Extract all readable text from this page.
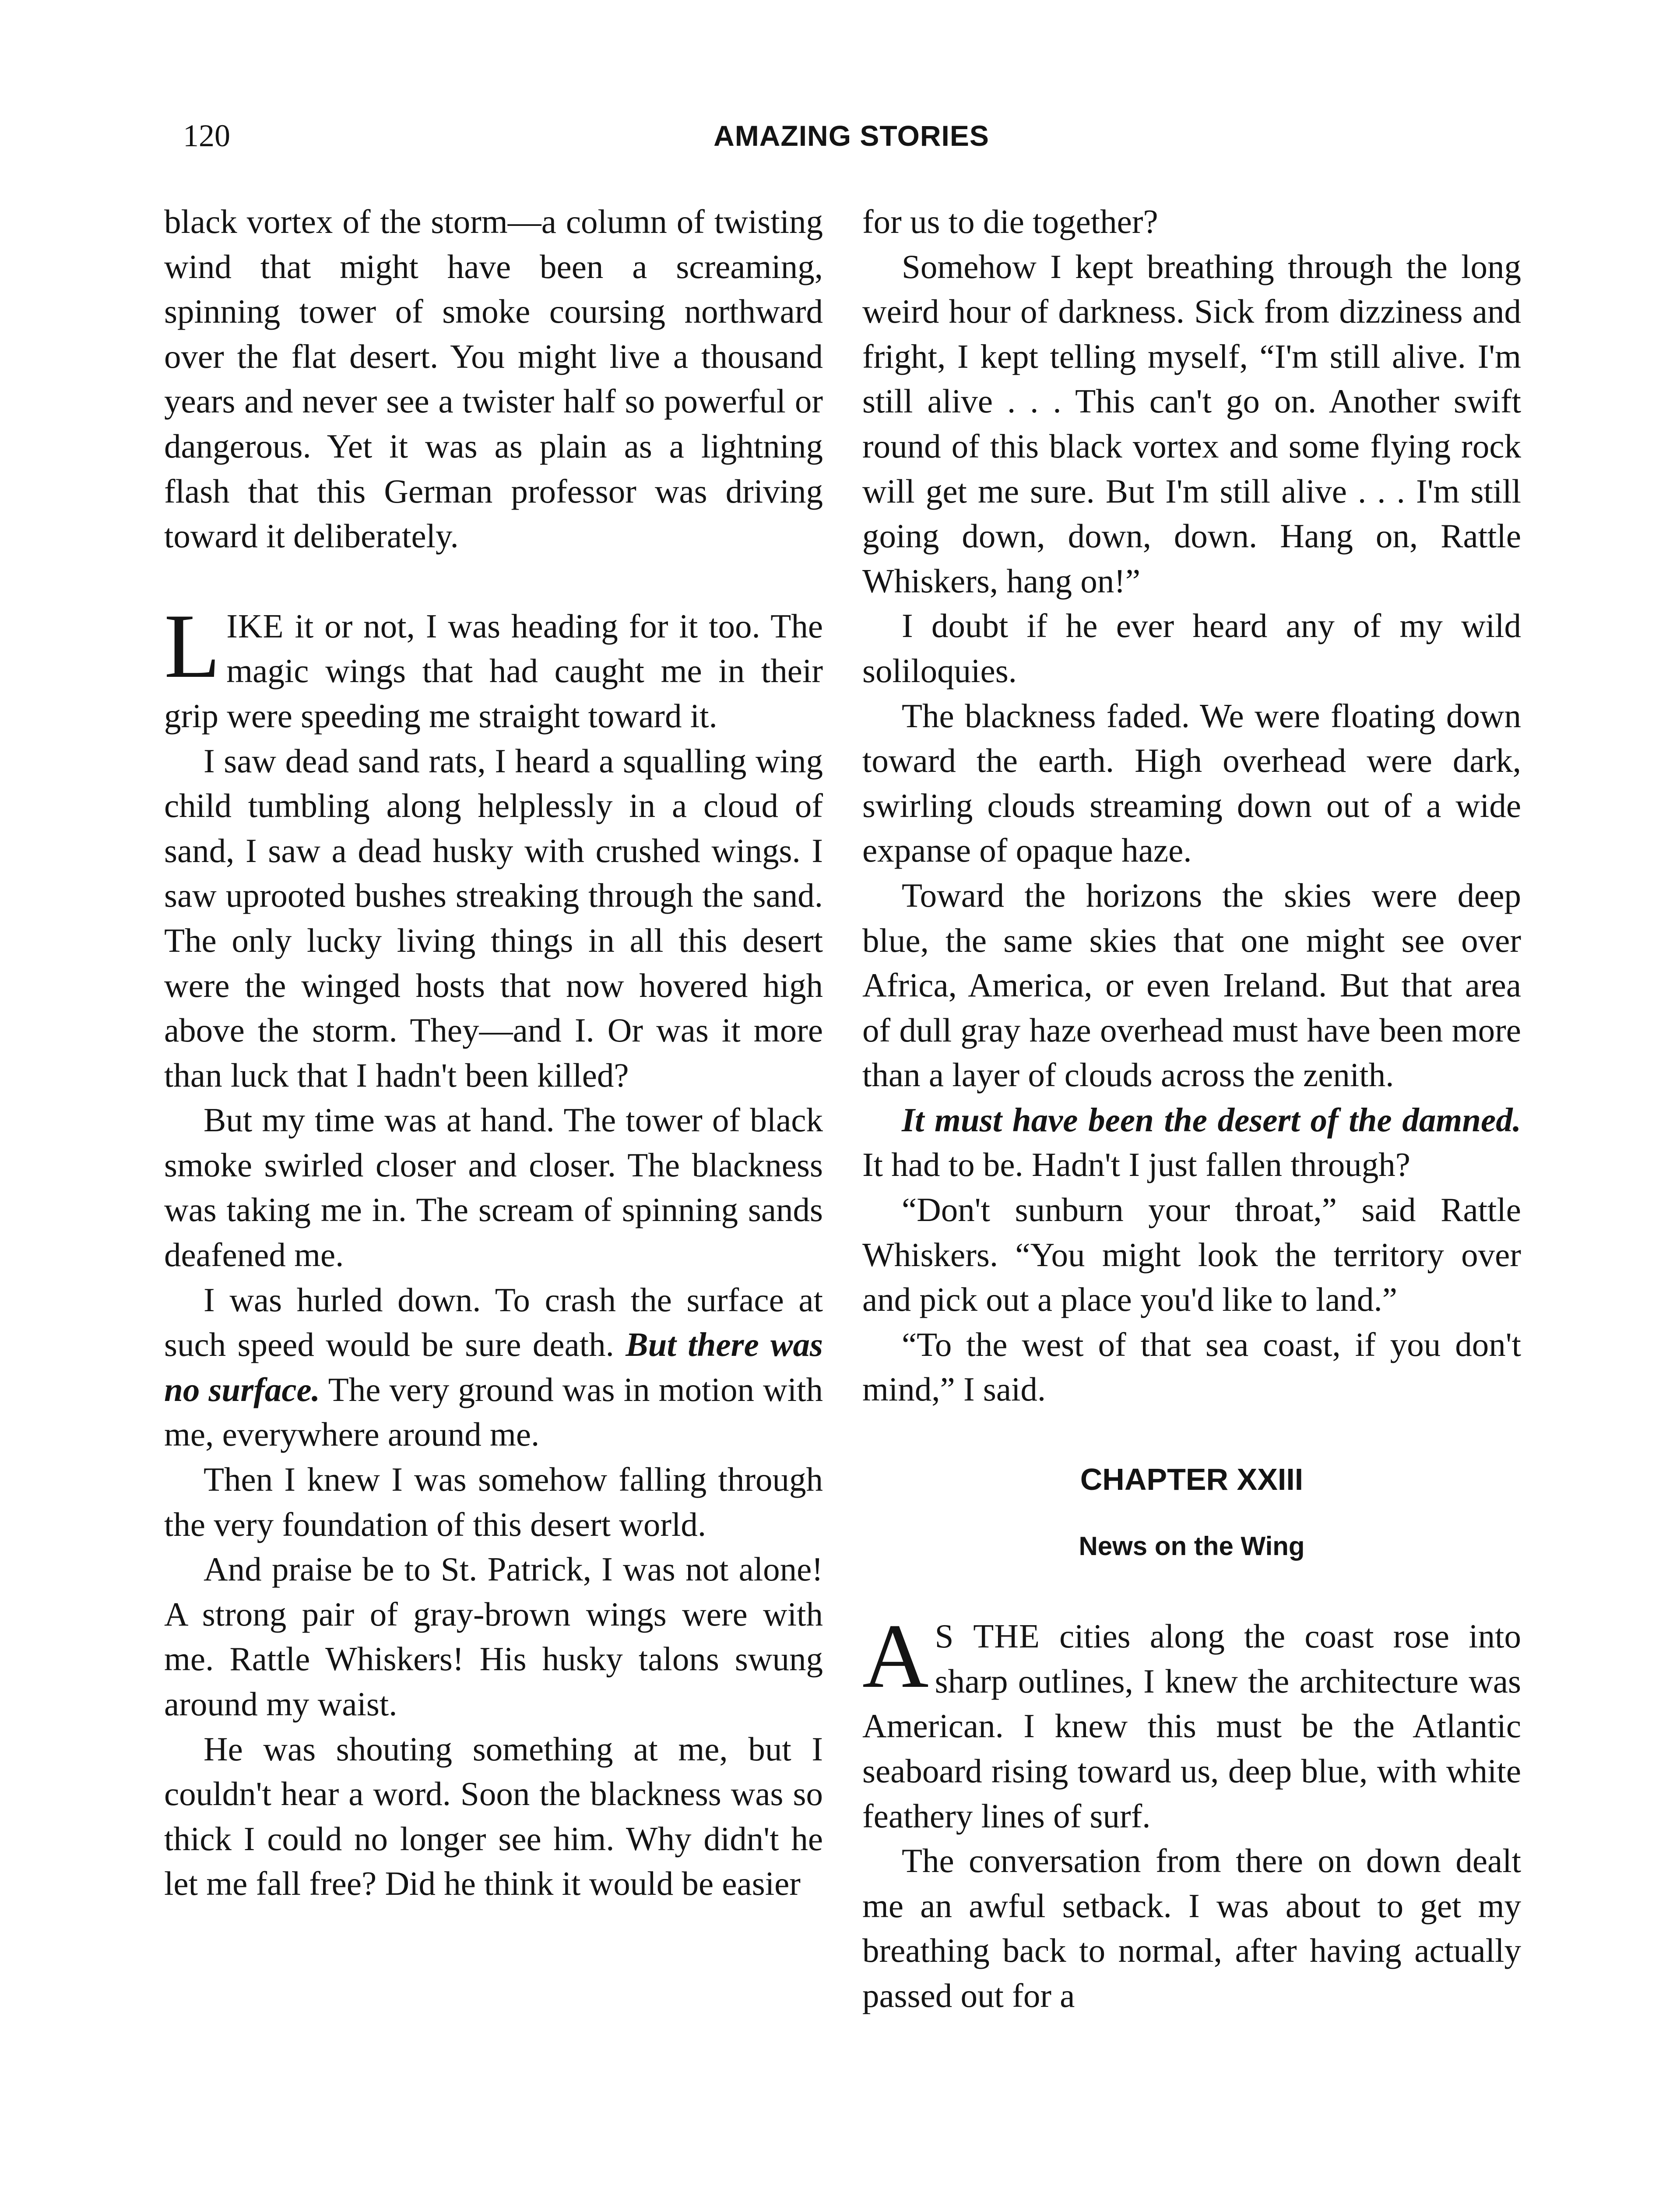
120	AMAZING STORIES

black vortex of the storm—a column of twisting wind that might have been a screaming, spinning tower of smoke coursing northward over the flat desert. You might live a thousand years and never see a twister half so powerful or dangerous. Yet it was as plain as a lightning flash that this German professor was driving toward it deliberately.

LIKE it or not, I was heading for it too. The magic wings that had caught me in their grip were speeding me straight toward it.

I saw dead sand rats, I heard a squalling wing child tumbling along helplessly in a cloud of sand, I saw a dead husky with crushed wings. I saw uprooted bushes streaking through the sand. The only lucky living things in all this desert were the winged hosts that now hovered high above the storm. They—and I. Or was it more than luck that I hadn't been killed?

But my time was at hand. The tower of black smoke swirled closer and closer. The blackness was taking me in. The scream of spinning sands deafened me.

I was hurled down. To crash the surface at such speed would be sure death. But there was no surface. The very ground was in motion with me, everywhere around me.

Then I knew I was somehow falling through the very foundation of this desert world.

And praise be to St. Patrick, I was not alone! A strong pair of gray-brown wings were with me. Rattle Whiskers! His husky talons swung around my waist.

He was shouting something at me, but I couldn't hear a word. Soon the blackness was so thick I could no longer see him. Why didn't he let me fall free? Did he think it would be easier

for us to die together?

Somehow I kept breathing through the long weird hour of darkness. Sick from dizziness and fright, I kept telling myself, “I'm still alive. I'm still alive . . . This can't go on. Another swift round of this black vortex and some flying rock will get me sure. But I'm still alive . . . I'm still going down, down, down. Hang on, Rattle Whiskers, hang on!”

I doubt if he ever heard any of my wild soliloquies.

The blackness faded. We were floating down toward the earth. High overhead were dark, swirling clouds streaming down out of a wide expanse of opaque haze.

Toward the horizons the skies were deep blue, the same skies that one might see over Africa, America, or even Ireland. But that area of dull gray haze overhead must have been more than a layer of clouds across the zenith.

It must have been the desert of the damned. It had to be. Hadn't I just fallen through?

“Don't sunburn your throat,” said Rattle Whiskers. “You might look the territory over and pick out a place you'd like to land.”

“To the west of that sea coast, if you don't mind,” I said.

CHAPTER XXIII
News on the Wing

A S THE cities along the coast rose into sharp outlines, I knew the architecture was American. I knew this must be the Atlantic seaboard rising toward us, deep blue, with white feathery lines of surf.

The conversation from there on down dealt me an awful setback. I was about to get my breathing back to normal, after having actually passed out for a
